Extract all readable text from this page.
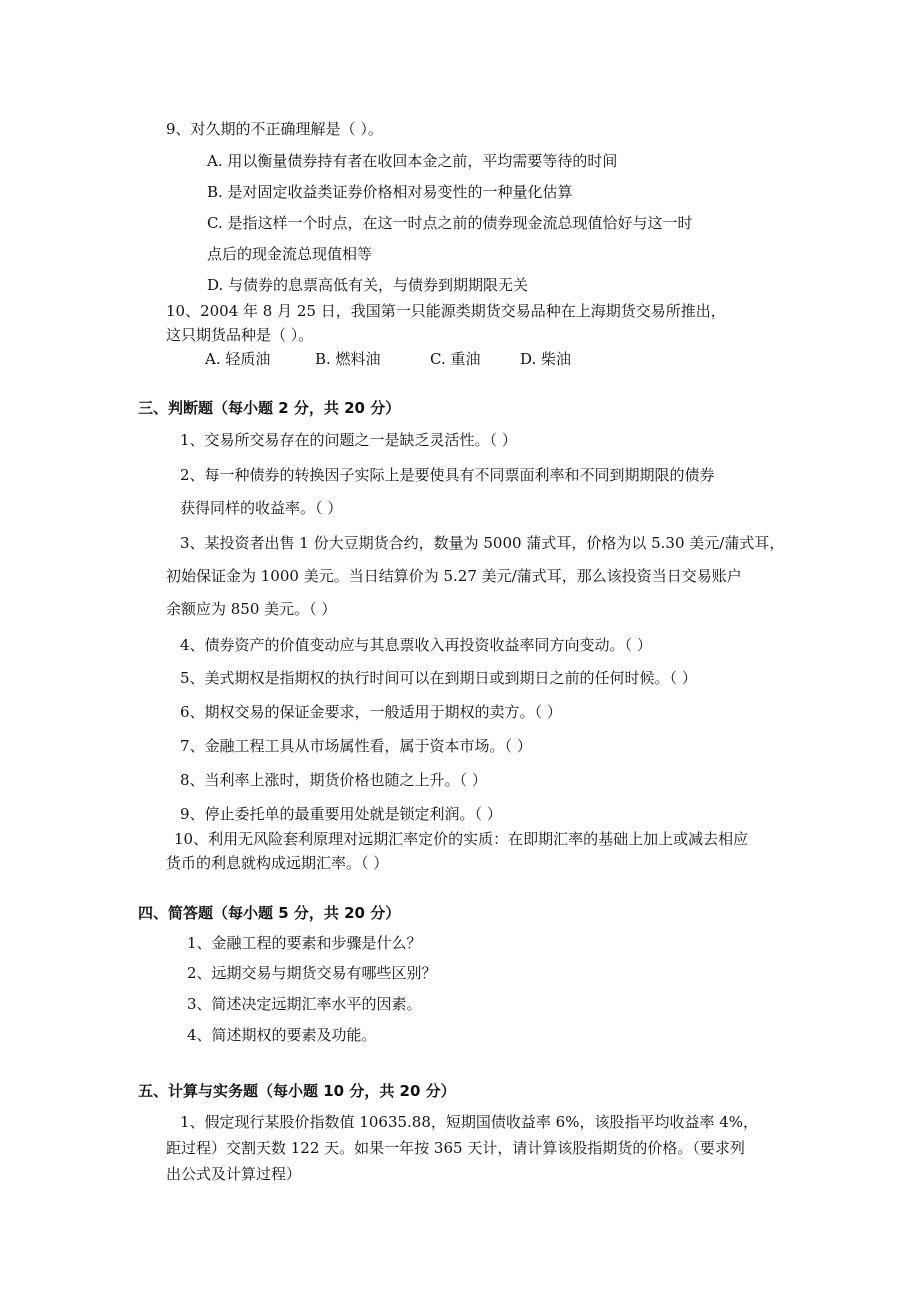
9、对久期的不正确理解是（ ）。
A. 用以衡量债券持有者在收回本金之前，平均需要等待的时间
B. 是对固定收益类证券价格相对易变性的一种量化估算
C. 是指这样一个时点，在这一时点之前的债券现金流总现值恰好与这一时
点后的现金流总现值相等
D. 与债券的息票高低有关，与债券到期期限无关
10、2004 年 8 月 25 日，我国第一只能源类期货交易品种在上海期货交易所推出，
这只期货品种是（ ）。
A. 轻质油	B. 燃料油	C. 重油	D. 柴油
三、判断题（每小题 2 分，共 20 分）
1、交易所交易存在的问题之一是缺乏灵活性。（ ）
2、每一种债券的转换因子实际上是要使具有不同票面利率和不同到期期限的债券
获得同样的收益率。（ ）
3、某投资者出售 1 份大豆期货合约，数量为 5000 蒲式耳，价格为以 5.30 美元/蒲式耳，
初始保证金为 1000 美元。当日结算价为 5.27 美元/蒲式耳，那么该投资当日交易账户
余额应为 850 美元。（ ）
4、债券资产的价值变动应与其息票收入再投资收益率同方向变动。（ ）
5、美式期权是指期权的执行时间可以在到期日或到期日之前的任何时候。（ ）
6、期权交易的保证金要求，一般适用于期权的卖方。（ ）
7、金融工程工具从市场属性看，属于资本市场。（ ）
8、当利率上涨时，期货价格也随之上升。（ ）
9、停止委托单的最重要用处就是锁定利润。（ ）
10、利用无风险套利原理对远期汇率定价的实质：在即期汇率的基础上加上或减去相应
货币的利息就构成远期汇率。（ ）
四、简答题（每小题 5 分，共 20 分）
1、金融工程的要素和步骤是什么？
2、远期交易与期货交易有哪些区别？
3、简述决定远期汇率水平的因素。
4、简述期权的要素及功能。
五、计算与实务题（每小题 10 分，共 20 分）
1、假定现行某股价指数值 10635.88，短期国债收益率 6%，该股指平均收益率 4%，
距过程）交割天数 122 天。如果一年按 365 天计，请计算该股指期货的价格。（要求列
出公式及计算过程）
